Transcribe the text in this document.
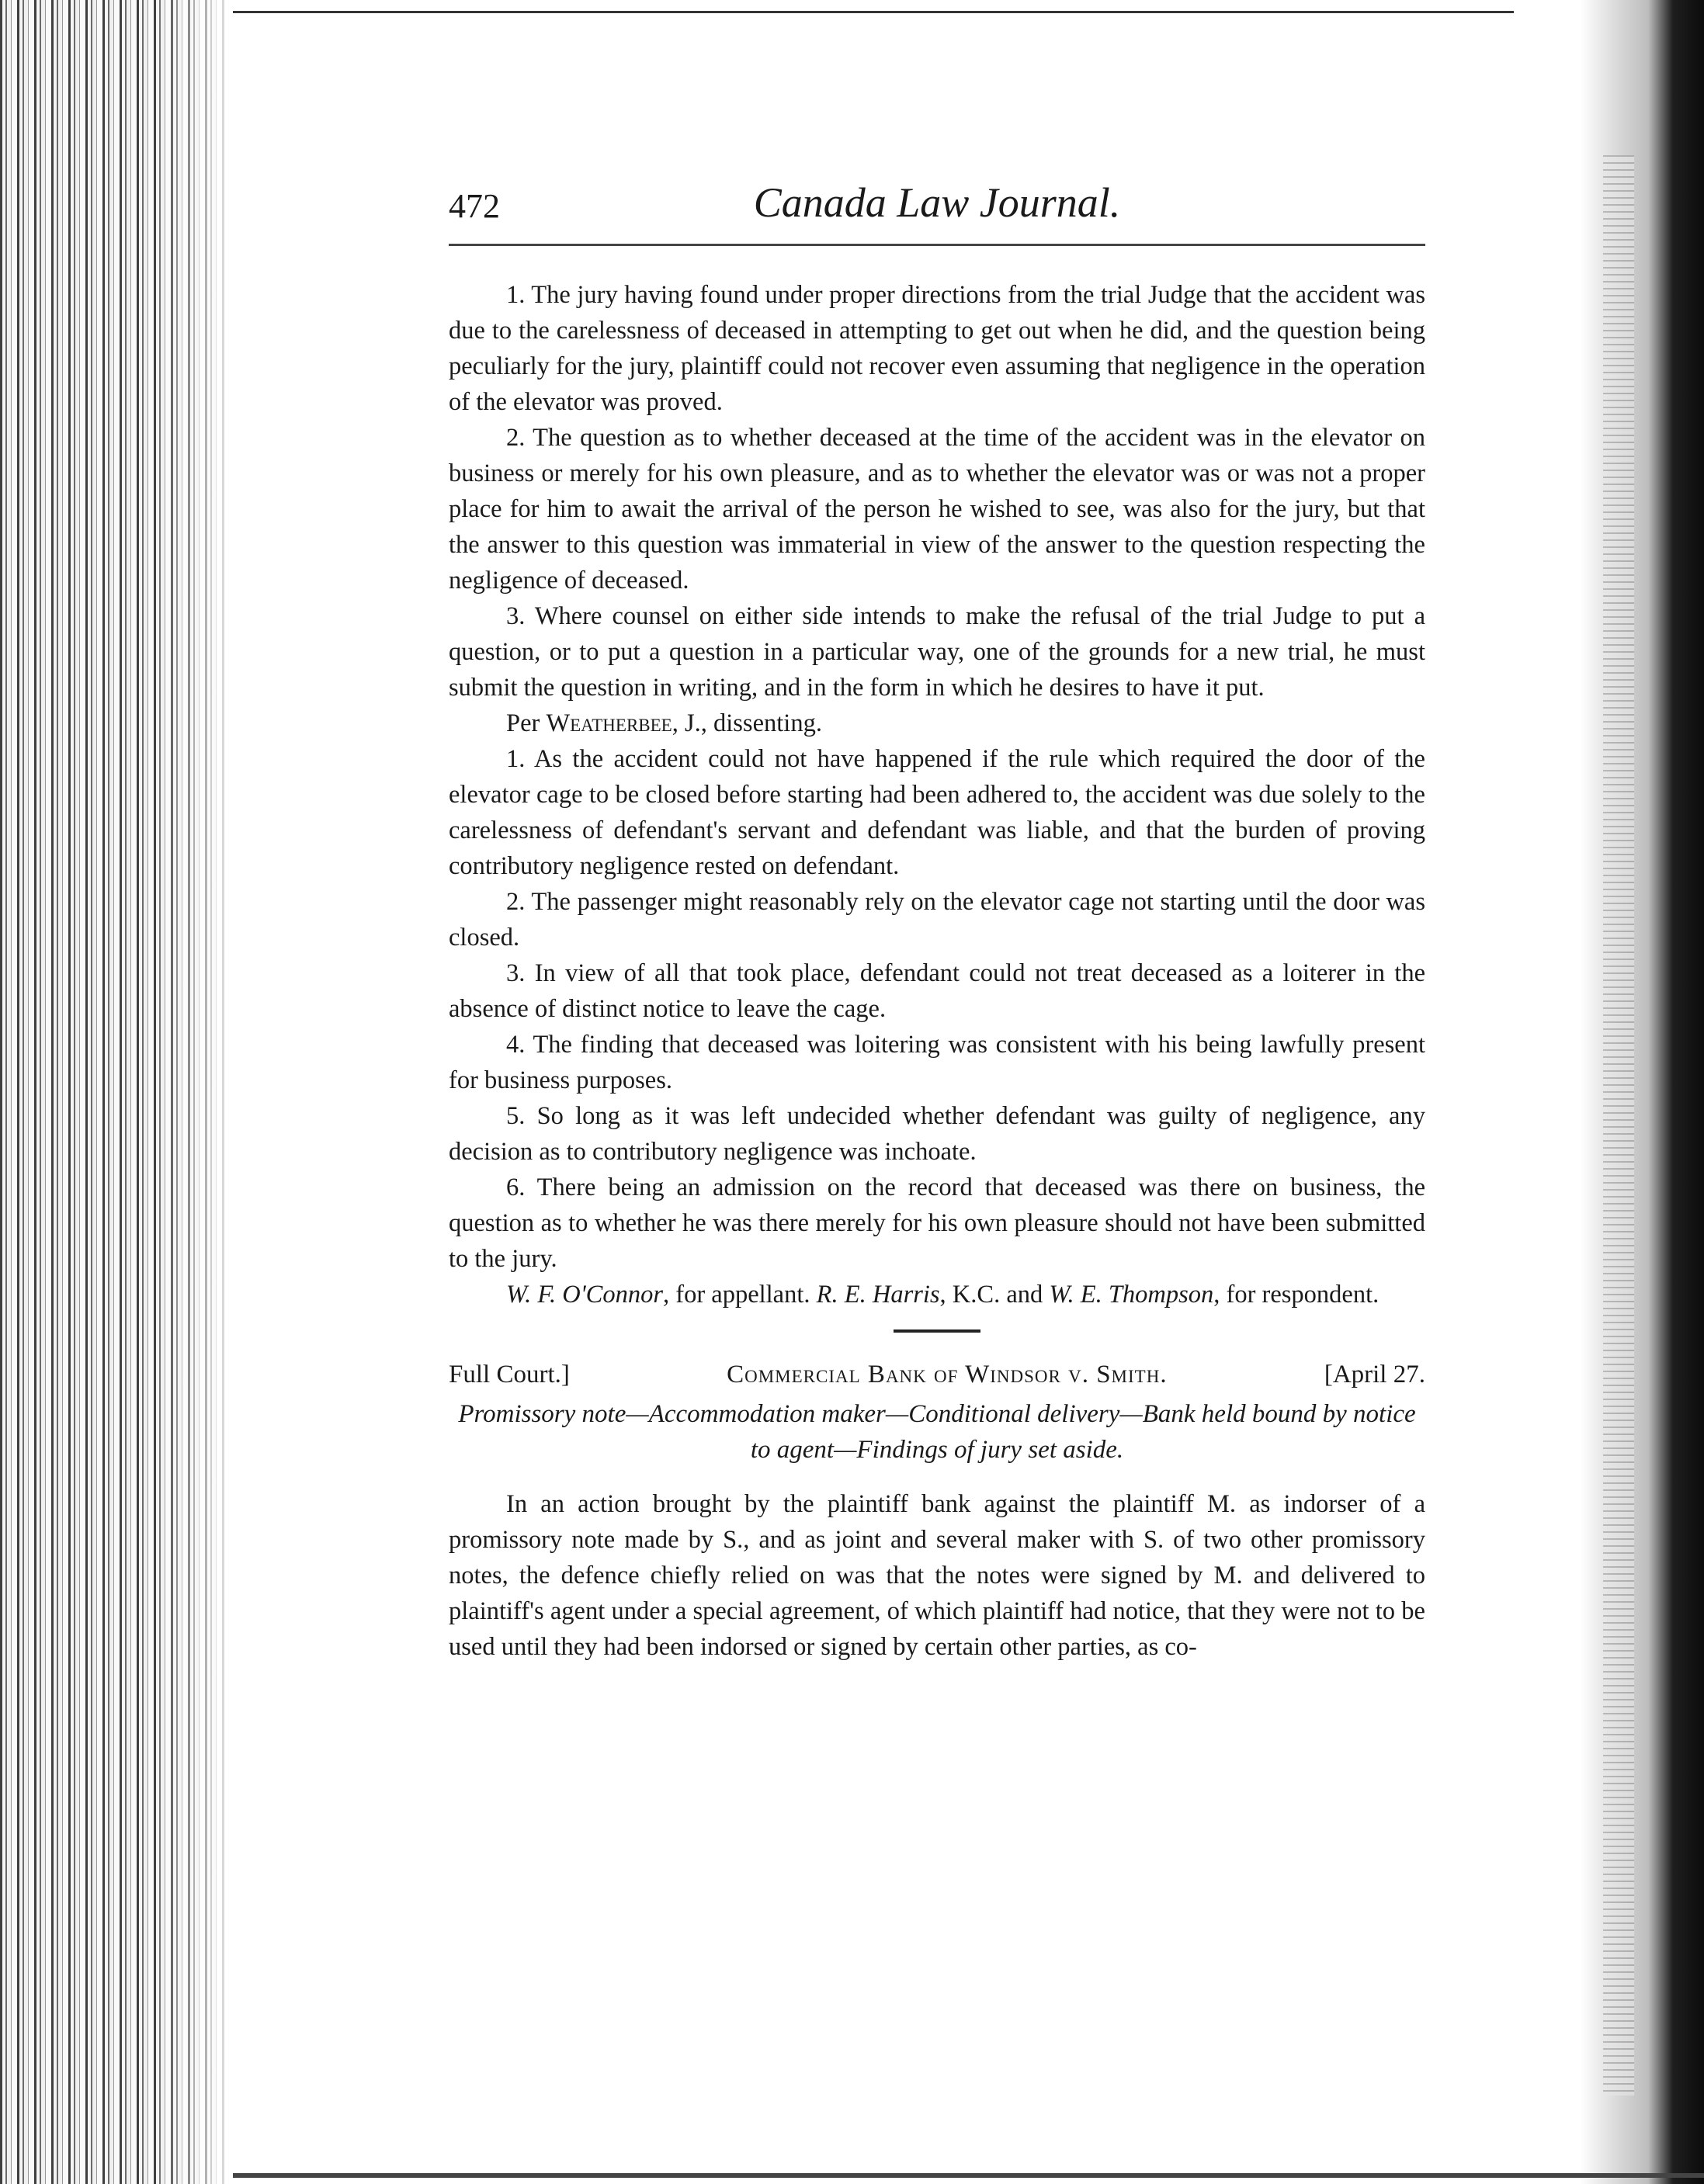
472	Canada Law Journal.

1. The jury having found under proper directions from the trial Judge that the accident was due to the carelessness of deceased in attempting to get out when he did, and the question being peculiarly for the jury, plaintiff could not recover even assuming that negligence in the operation of the elevator was proved.

2. The question as to whether deceased at the time of the accident was in the elevator on business or merely for his own pleasure, and as to whether the elevator was or was not a proper place for him to await the arrival of the person he wished to see, was also for the jury, but that the answer to this question was immaterial in view of the answer to the question respecting the negligence of deceased.

3. Where counsel on either side intends to make the refusal of the trial Judge to put a question, or to put a question in a particular way, one of the grounds for a new trial, he must submit the question in writing, and in the form in which he desires to have it put.

Per Weatherbee, J., dissenting.

1. As the accident could not have happened if the rule which required the door of the elevator cage to be closed before starting had been adhered to, the accident was due solely to the carelessness of defendant's servant and defendant was liable, and that the burden of proving contributory negligence rested on defendant.

2. The passenger might reasonably rely on the elevator cage not starting until the door was closed.

3. In view of all that took place, defendant could not treat deceased as a loiterer in the absence of distinct notice to leave the cage.

4. The finding that deceased was loitering was consistent with his being lawfully present for business purposes.

5. So long as it was left undecided whether defendant was guilty of negligence, any decision as to contributory negligence was inchoate.

6. There being an admission on the record that deceased was there on business, the question as to whether he was there merely for his own pleasure should not have been submitted to the jury.

W. F. O'Connor, for appellant. R. E. Harris, K.C. and W. E. Thompson, for respondent.

Full Court.]	Commercial Bank of Windsor v. Smith.	[April 27.
Promissory note—Accommodation maker—Conditional delivery—Bank held bound by notice to agent—Findings of jury set aside.

In an action brought by the plaintiff bank against the plaintiff M. as indorser of a promissory note made by S., and as joint and several maker with S. of two other promissory notes, the defence chiefly relied on was that the notes were signed by M. and delivered to plaintiff's agent under a special agreement, of which plaintiff had notice, that they were not to be used until they had been indorsed or signed by certain other parties, as co-
